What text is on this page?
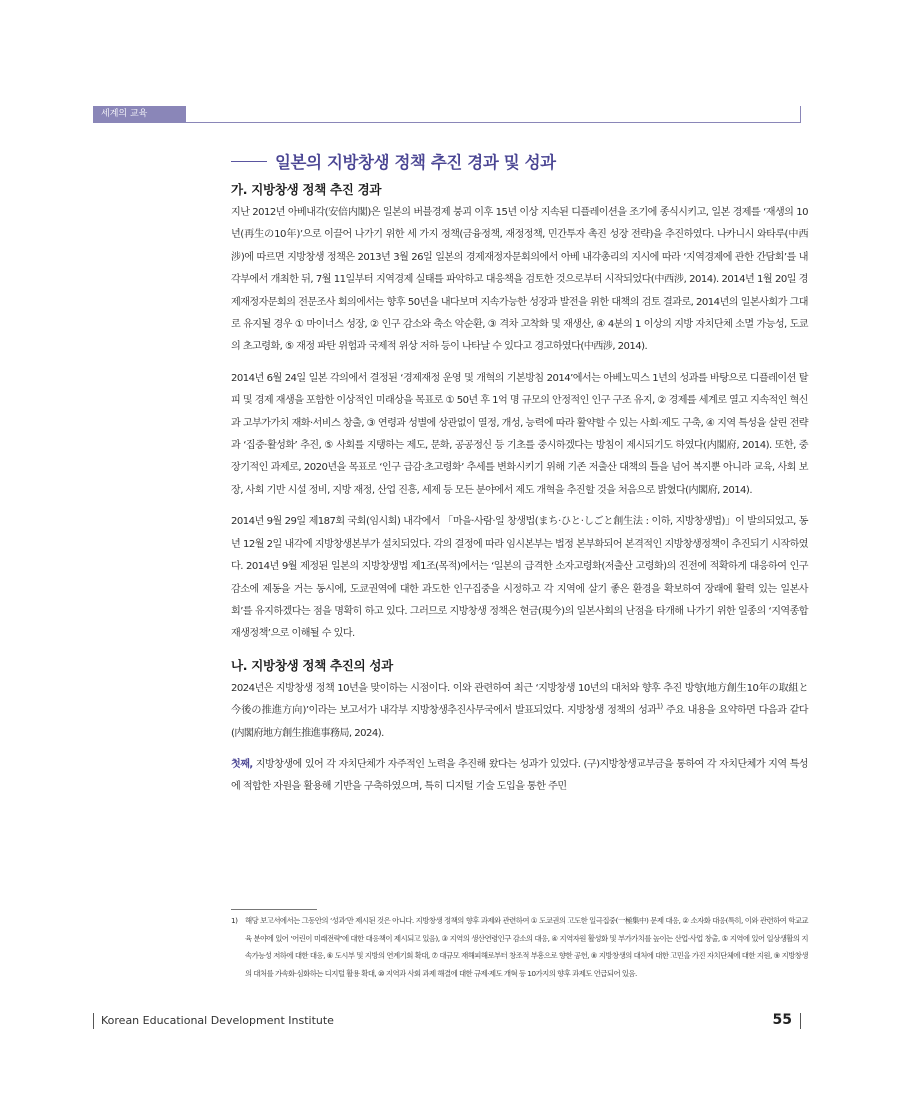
세계의 교육
일본의 지방창생 정책 추진 경과 및 성과
가. 지방창생 정책 추진 경과

지난 2012년 아베내각(安倍内閣)은 일본의 버블경제 붕괴 이후 15년 이상 지속된 디플레이션을 조기에 종식시키고, 일본 경제를 ‘재생의 10년(再生の10年)’으로 이끌어 나가기 위한 세 가지 정책(금융정책, 재정정책, 민간투자 촉진 성장 전략)을 추진하였다. 나카니시 와타루(中西涉)에 따르면 지방창생 정책은 2013년 3월 26일 일본의 경제재정자문회의에서 아베 내각총리의 지시에 따라 ‘지역경제에 관한 간담회’를 내각부에서 개최한 뒤, 7월 11일부터 지역경제 실태를 파악하고 대응책을 검토한 것으로부터 시작되었다(中西涉, 2014). 2014년 1월 20일 경제재정자문회의 전문조사 회의에서는 향후 50년을 내다보며 지속가능한 성장과 발전을 위한 대책의 검토 결과로, 2014년의 일본사회가 그대로 유지될 경우 ① 마이너스 성장, ② 인구 감소와 축소 악순환, ③ 격차 고착화 및 재생산, ④ 4분의 1 이상의 지방 자치단체 소멸 가능성, 도쿄의 초고령화, ⑤ 재정 파탄 위험과 국제적 위상 저하 등이 나타날 수 있다고 경고하였다(中西涉, 2014).

2014년 6월 24일 일본 각의에서 결정된 ‘경제재정 운영 및 개혁의 기본방침 2014’에서는 아베노믹스 1년의 성과를 바탕으로 디플레이션 탈피 및 경제 재생을 포함한 이상적인 미래상을 목표로 ① 50년 후 1억 명 규모의 안정적인 인구 구조 유지, ② 경제를 세계로 열고 지속적인 혁신과 고부가가치 재화·서비스 창출, ③ 연령과 성별에 상관없이 열정, 개성, 능력에 따라 활약할 수 있는 사회·제도 구축, ④ 지역 특성을 살린 전략과 ‘집중·활성화’ 추진, ⑤ 사회를 지탱하는 제도, 문화, 공공정신 등 기초를 중시하겠다는 방침이 제시되기도 하였다(内閣府, 2014). 또한, 중장기적인 과제로, 2020년을 목표로 ‘인구 급감·초고령화’ 추세를 변화시키기 위해 기존 저출산 대책의 틀을 넘어 복지뿐 아니라 교육, 사회 보장, 사회 기반 시설 정비, 지방 재정, 산업 진흥, 세제 등 모든 분야에서 제도 개혁을 추진할 것을 처음으로 밝혔다(内閣府, 2014).

2014년 9월 29일 제187회 국회(임시회) 내각에서 「마을·사람·일 창생법(まち·ひと·しごと創生法 : 이하, 지방창생법)」이 발의되었고, 동년 12월 2일 내각에 지방창생본부가 설치되었다. 각의 결정에 따라 임시본부는 법정 본부화되어 본격적인 지방창생정책이 추진되기 시작하였다. 2014년 9월 제정된 일본의 지방창생법 제1조(목적)에서는 ‘일본의 급격한 소자고령화(저출산 고령화)의 진전에 적확하게 대응하여 인구감소에 제동을 거는 동시에, 도쿄권역에 대한 과도한 인구집중을 시정하고 각 지역에 살기 좋은 환경을 확보하여 장래에 활력 있는 일본사회’를 유지하겠다는 점을 명확히 하고 있다. 그러므로 지방창생 정책은 현금(現今)의 일본사회의 난점을 타개해 나가기 위한 일종의 ‘지역종합재생정책’으로 이해될 수 있다.

나. 지방창생 정책 추진의 성과

2024년은 지방창생 정책 10년을 맞이하는 시점이다. 이와 관련하여 최근 ‘지방창생 10년의 대처와 향후 추진 방향(地方創生10年の取組と今後の推進方向)’이라는 보고서가 내각부 지방창생추진사무국에서 발표되었다. 지방창생 정책의 성과$^{1)}$ 주요 내용을 요약하면 다음과 같다(内閣府地方創生推進事務局, 2024).

첫째, 지방창생에 있어 각 자치단체가 자주적인 노력을 추진해 왔다는 성과가 있었다. (구)지방창생교부금을 통하여 각 자치단체가 지역 특성에 적합한 자원을 활용해 기반을 구축하였으며, 특히 디지털 기술 도입을 통한 주민

1)	해당 보고서에서는 그동안의 ‘성과’만 제시된 것은 아니다. 지방창생 정책의 향후 과제와 관련하여 ① 도쿄권의 고도한 일극집중(一極集中) 문제 대응, ② 소자화 대응(특히, 이와 관련하여 학교교육 분야에 있어 ‘어린이 미래전략’에 대한 대응책이 제시되고 있음), ③ 지역의 생산연령인구 감소의 대응, ④ 지역자원 활성화 및 부가가치를 높이는 산업·사업 창출, ⑤ 지역에 있어 일상생활의 지속가능성 저하에 대한 대응, ⑥ 도시부 및 지방의 연계기회 확대, ⑦ 대규모 재해피해로부터 창조적 부흥으로 향한 공헌, ⑧ 지방창생의 대처에 대한 고민을 가진 자치단체에 대한 지원, ⑨ 지방창생의 대처를 가속화·심화하는 디지털 활용 확대, ⑩ 지역과 사회 과제 해결에 대한 규제·제도 개혁 등 10가지의 향후 과제도 언급되어 있음.
Korean Educational Development Institute	55
